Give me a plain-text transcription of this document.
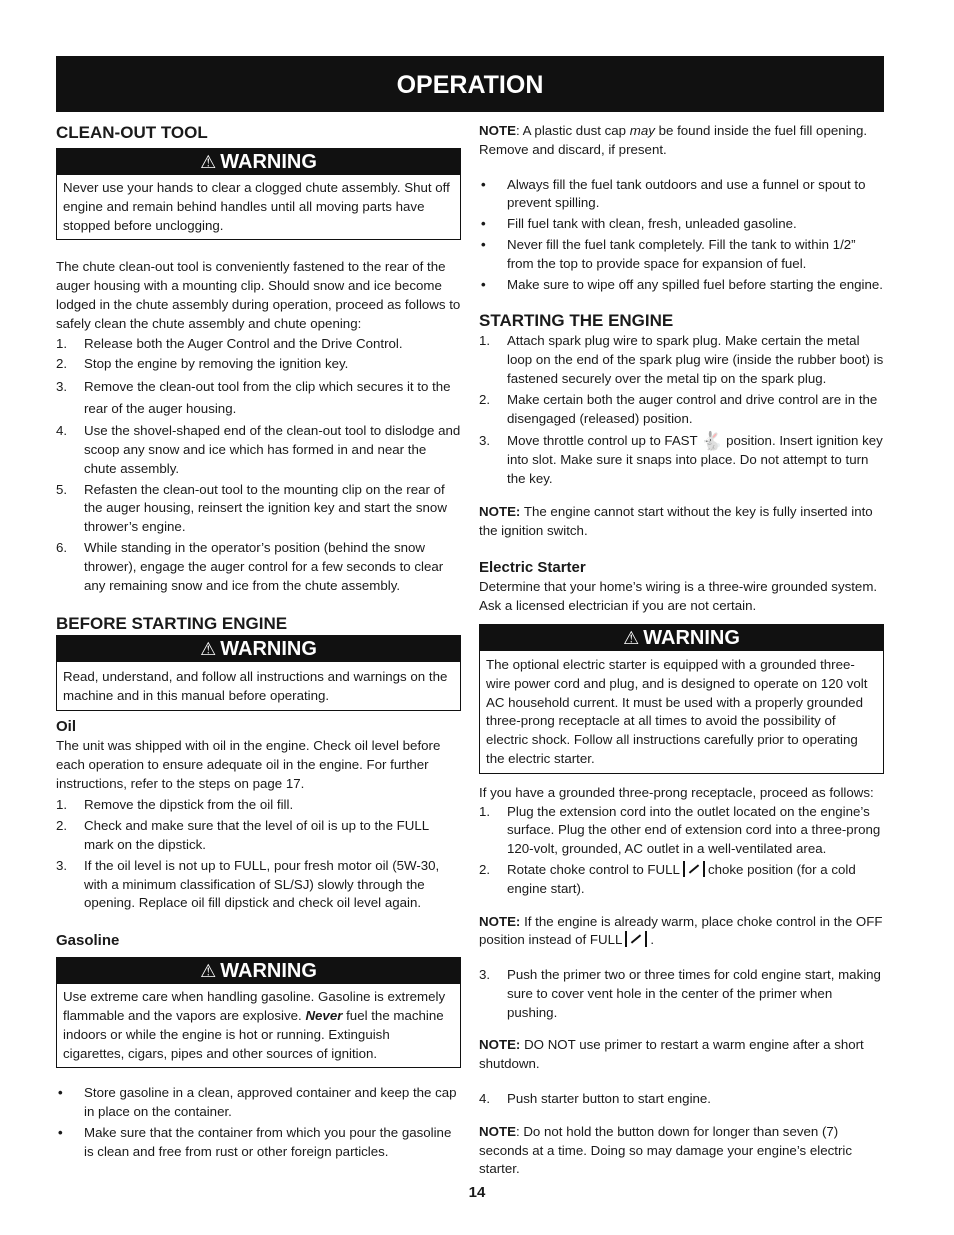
OPERATION
CLEAN-OUT TOOL
⚠ WARNING
Never use your hands to clear a clogged chute assembly. Shut off engine and remain behind handles until all moving parts have stopped before unclogging.

The chute clean-out tool is conveniently fastened to the rear of the auger housing with a mounting clip. Should snow and ice become lodged in the chute assembly during operation, proceed as follows to safely clean the chute assembly and chute opening:

1. Release both the Auger Control and the Drive Control.
2. Stop the engine by removing the ignition key.
3. Remove the clean-out tool from the clip which secures it to the rear of the auger housing.
4. Use the shovel-shaped end of the clean-out tool to dislodge and scoop any snow and ice which has formed in and near the chute assembly.
5. Refasten the clean-out tool to the mounting clip on the rear of the auger housing, reinsert the ignition key and start the snow thrower’s engine.
6. While standing in the operator’s position (behind the snow thrower), engage the auger control for a few seconds to clear any remaining snow and ice from the chute assembly.
BEFORE STARTING ENGINE
⚠ WARNING
Read, understand, and follow all instructions and warnings on the machine and in this manual before operating.
Oil

The unit was shipped with oil in the engine. Check oil level before each operation to ensure adequate oil in the engine. For further instructions, refer to the steps on page 17.

1. Remove the dipstick from the oil fill.
2. Check and make sure that the level of oil is up to the FULL mark on the dipstick.
3. If the oil level is not up to FULL, pour fresh motor oil (5W-30, with a minimum classification of SL/SJ) slowly through the opening. Replace oil fill dipstick and check oil level again.
Gasoline
⚠ WARNING
Use extreme care when handling gasoline. Gasoline is extremely flammable and the vapors are explosive. Never fuel the machine indoors or while the engine is hot or running. Extinguish cigarettes, cigars, pipes and other sources of ignition.
• Store gasoline in a clean, approved container and keep the cap in place on the container.
• Make sure that the container from which you pour the gasoline is clean and free from rust or other foreign particles.

NOTE: A plastic dust cap may be found inside the fuel fill opening. Remove and discard, if present.

• Always fill the fuel tank outdoors and use a funnel or spout to prevent spilling.
• Fill fuel tank with clean, fresh, unleaded gasoline.
• Never fill the fuel tank completely. Fill the tank to within 1/2” from the top to provide space for expansion of fuel.
• Make sure to wipe off any spilled fuel before starting the engine.
STARTING THE ENGINE
1. Attach spark plug wire to spark plug. Make certain the metal loop on the end of the spark plug wire (inside the rubber boot) is fastened securely over the metal tip on the spark plug.
2. Make certain both the auger control and drive control are in the disengaged (released) position.
3. Move throttle control up to FAST 🐇 position. Insert ignition key into slot. Make sure it snaps into place. Do not attempt to turn the key.

NOTE: The engine cannot start without the key is fully inserted into the ignition switch.

Electric Starter

Determine that your home’s wiring is a three-wire grounded system. Ask a licensed electrician if you are not certain.

⚠ WARNING
The optional electric starter is equipped with a grounded three-wire power cord and plug, and is designed to operate on 120 volt AC household current. It must be used with a properly grounded three-prong receptacle at all times to avoid the possibility of electric shock. Follow all instructions carefully prior to operating the electric starter.

If you have a grounded three-prong receptacle, proceed as follows:

1. Plug the extension cord into the outlet located on the engine’s surface. Plug the other end of extension cord into a three-prong 120-volt, grounded, AC outlet in a well-ventilated area.
2. Rotate choke control to FULL choke position (for a cold engine start).

NOTE: If the engine is already warm, place choke control in the OFF position instead of FULL .

3. Push the primer two or three times for cold engine start, making sure to cover vent hole in the center of the primer when pushing.

NOTE: DO NOT use primer to restart a warm engine after a short shutdown.

4. Push starter button to start engine.

NOTE: Do not hold the button down for longer than seven (7) seconds at a time. Doing so may damage your engine’s electric starter.

14
